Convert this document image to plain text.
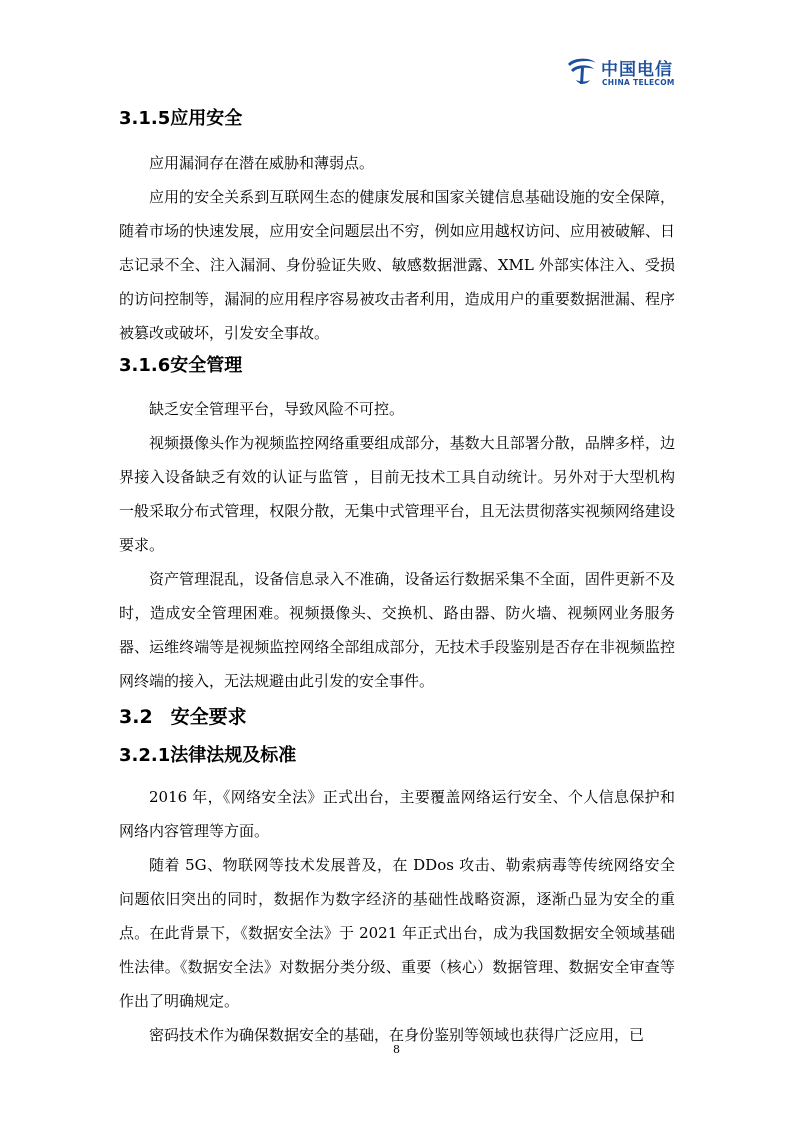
中国电信
CHINA TELECOM
3.1.5应用安全

应用漏洞存在潜在威胁和薄弱点。

应用的安全关系到互联网生态的健康发展和国家关键信息基础设施的安全保障，随着市场的快速发展，应用安全问题层出不穷，例如应用越权访问、应用被破解、日志记录不全、注入漏洞、身份验证失败、敏感数据泄露、XML 外部实体注入、受损的访问控制等，漏洞的应用程序容易被攻击者利用，造成用户的重要数据泄漏、程序被篡改或破坏，引发安全事故。

3.1.6安全管理

缺乏安全管理平台，导致风险不可控。

视频摄像头作为视频监控网络重要组成部分，基数大且部署分散，品牌多样，边界接入设备缺乏有效的认证与监管 ，目前无技术工具自动统计。另外对于大型机构一般采取分布式管理，权限分散，无集中式管理平台，且无法贯彻落实视频网络建设要求。

资产管理混乱，设备信息录入不准确，设备运行数据采集不全面，固件更新不及时，造成安全管理困难。视频摄像头、交换机、路由器、防火墙、视频网业务服务器、运维终端等是视频监控网络全部组成部分，无技术手段鉴别是否存在非视频监控网终端的接入，无法规避由此引发的安全事件。

3.2 安全要求
3.2.1法律法规及标准

2016 年，《网络安全法》正式出台，主要覆盖网络运行安全、个人信息保护和网络内容管理等方面。

随着 5G、物联网等技术发展普及，在 DDos 攻击、勒索病毒等传统网络安全问题依旧突出的同时，数据作为数字经济的基础性战略资源，逐渐凸显为安全的重点。在此背景下，《数据安全法》于 2021 年正式出台，成为我国数据安全领域基础性法律。《数据安全法》对数据分类分级、重要（核心）数据管理、数据安全审查等作出了明确规定。

密码技术作为确保数据安全的基础，在身份鉴别等领域也获得广泛应用，已

8
